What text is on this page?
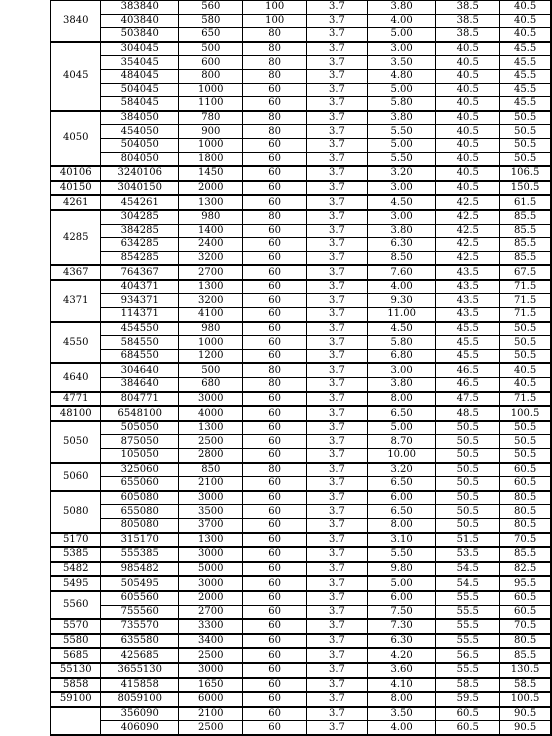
3840	383840	560	100	3.7	3.80	38.5	40.5	
	403840	580	100	3.7	4.00	38.5	40.5	
	503840	650	80	3.7	5.00	38.5	40.5	
4045	304045	500	80	3.7	3.00	40.5	45.5	
	354045	600	80	3.7	3.50	40.5	45.5	
	484045	800	80	3.7	4.80	40.5	45.5	
	504045	1000	60	3.7	5.00	40.5	45.5	
	584045	1100	60	3.7	5.80	40.5	45.5	
4050	384050	780	80	3.7	3.80	40.5	50.5	
	454050	900	80	3.7	5.50	40.5	50.5	
	504050	1000	60	3.7	5.00	40.5	50.5	
	804050	1800	60	3.7	5.50	40.5	50.5	
40106	3240106	1450	60	3.7	3.20	40.5	106.5	
40150	3040150	2000	60	3.7	3.00	40.5	150.5	
4261	454261	1300	60	3.7	4.50	42.5	61.5	
4285	304285	980	80	3.7	3.00	42.5	85.5	
	384285	1400	60	3.7	3.80	42.5	85.5	
	634285	2400	60	3.7	6.30	42.5	85.5	
	854285	3200	60	3.7	8.50	42.5	85.5	
4367	764367	2700	60	3.7	7.60	43.5	67.5	
4371	404371	1300	60	3.7	4.00	43.5	71.5	
	934371	3200	60	3.7	9.30	43.5	71.5	
	114371	4100	60	3.7	11.00	43.5	71.5	
4550	454550	980	60	3.7	4.50	45.5	50.5	
	584550	1000	60	3.7	5.80	45.5	50.5	
	684550	1200	60	3.7	6.80	45.5	50.5	
4640	304640	500	80	3.7	3.00	46.5	40.5	
	384640	680	80	3.7	3.80	46.5	40.5	
4771	804771	3000	60	3.7	8.00	47.5	71.5	
48100	6548100	4000	60	3.7	6.50	48.5	100.5	
5050	505050	1300	60	3.7	5.00	50.5	50.5	
	875050	2500	60	3.7	8.70	50.5	50.5	
	105050	2800	60	3.7	10.00	50.5	50.5	
5060	325060	850	80	3.7	3.20	50.5	60.5	
	655060	2100	60	3.7	6.50	50.5	60.5	
5080	605080	3000	60	3.7	6.00	50.5	80.5	
	655080	3500	60	3.7	6.50	50.5	80.5	
	805080	3700	60	3.7	8.00	50.5	80.5	
5170	315170	1300	60	3.7	3.10	51.5	70.5	
5385	555385	3000	60	3.7	5.50	53.5	85.5	
5482	985482	5000	60	3.7	9.80	54.5	82.5	
5495	505495	3000	60	3.7	5.00	54.5	95.5	
5560	605560	2000	60	3.7	6.00	55.5	60.5	
	755560	2700	60	3.7	7.50	55.5	60.5	
5570	735570	3300	60	3.7	7.30	55.5	70.5	
5580	635580	3400	60	3.7	6.30	55.5	80.5	
5685	425685	2500	60	3.7	4.20	56.5	85.5	
55130	3655130	3000	60	3.7	3.60	55.5	130.5	
5858	415858	1650	60	3.7	4.10	58.5	58.5	
59100	8059100	6000	60	3.7	8.00	59.5	100.5	
	356090	2100	60	3.7	3.50	60.5	90.5	
	406090	2500	60	3.7	4.00	60.5	90.5	
